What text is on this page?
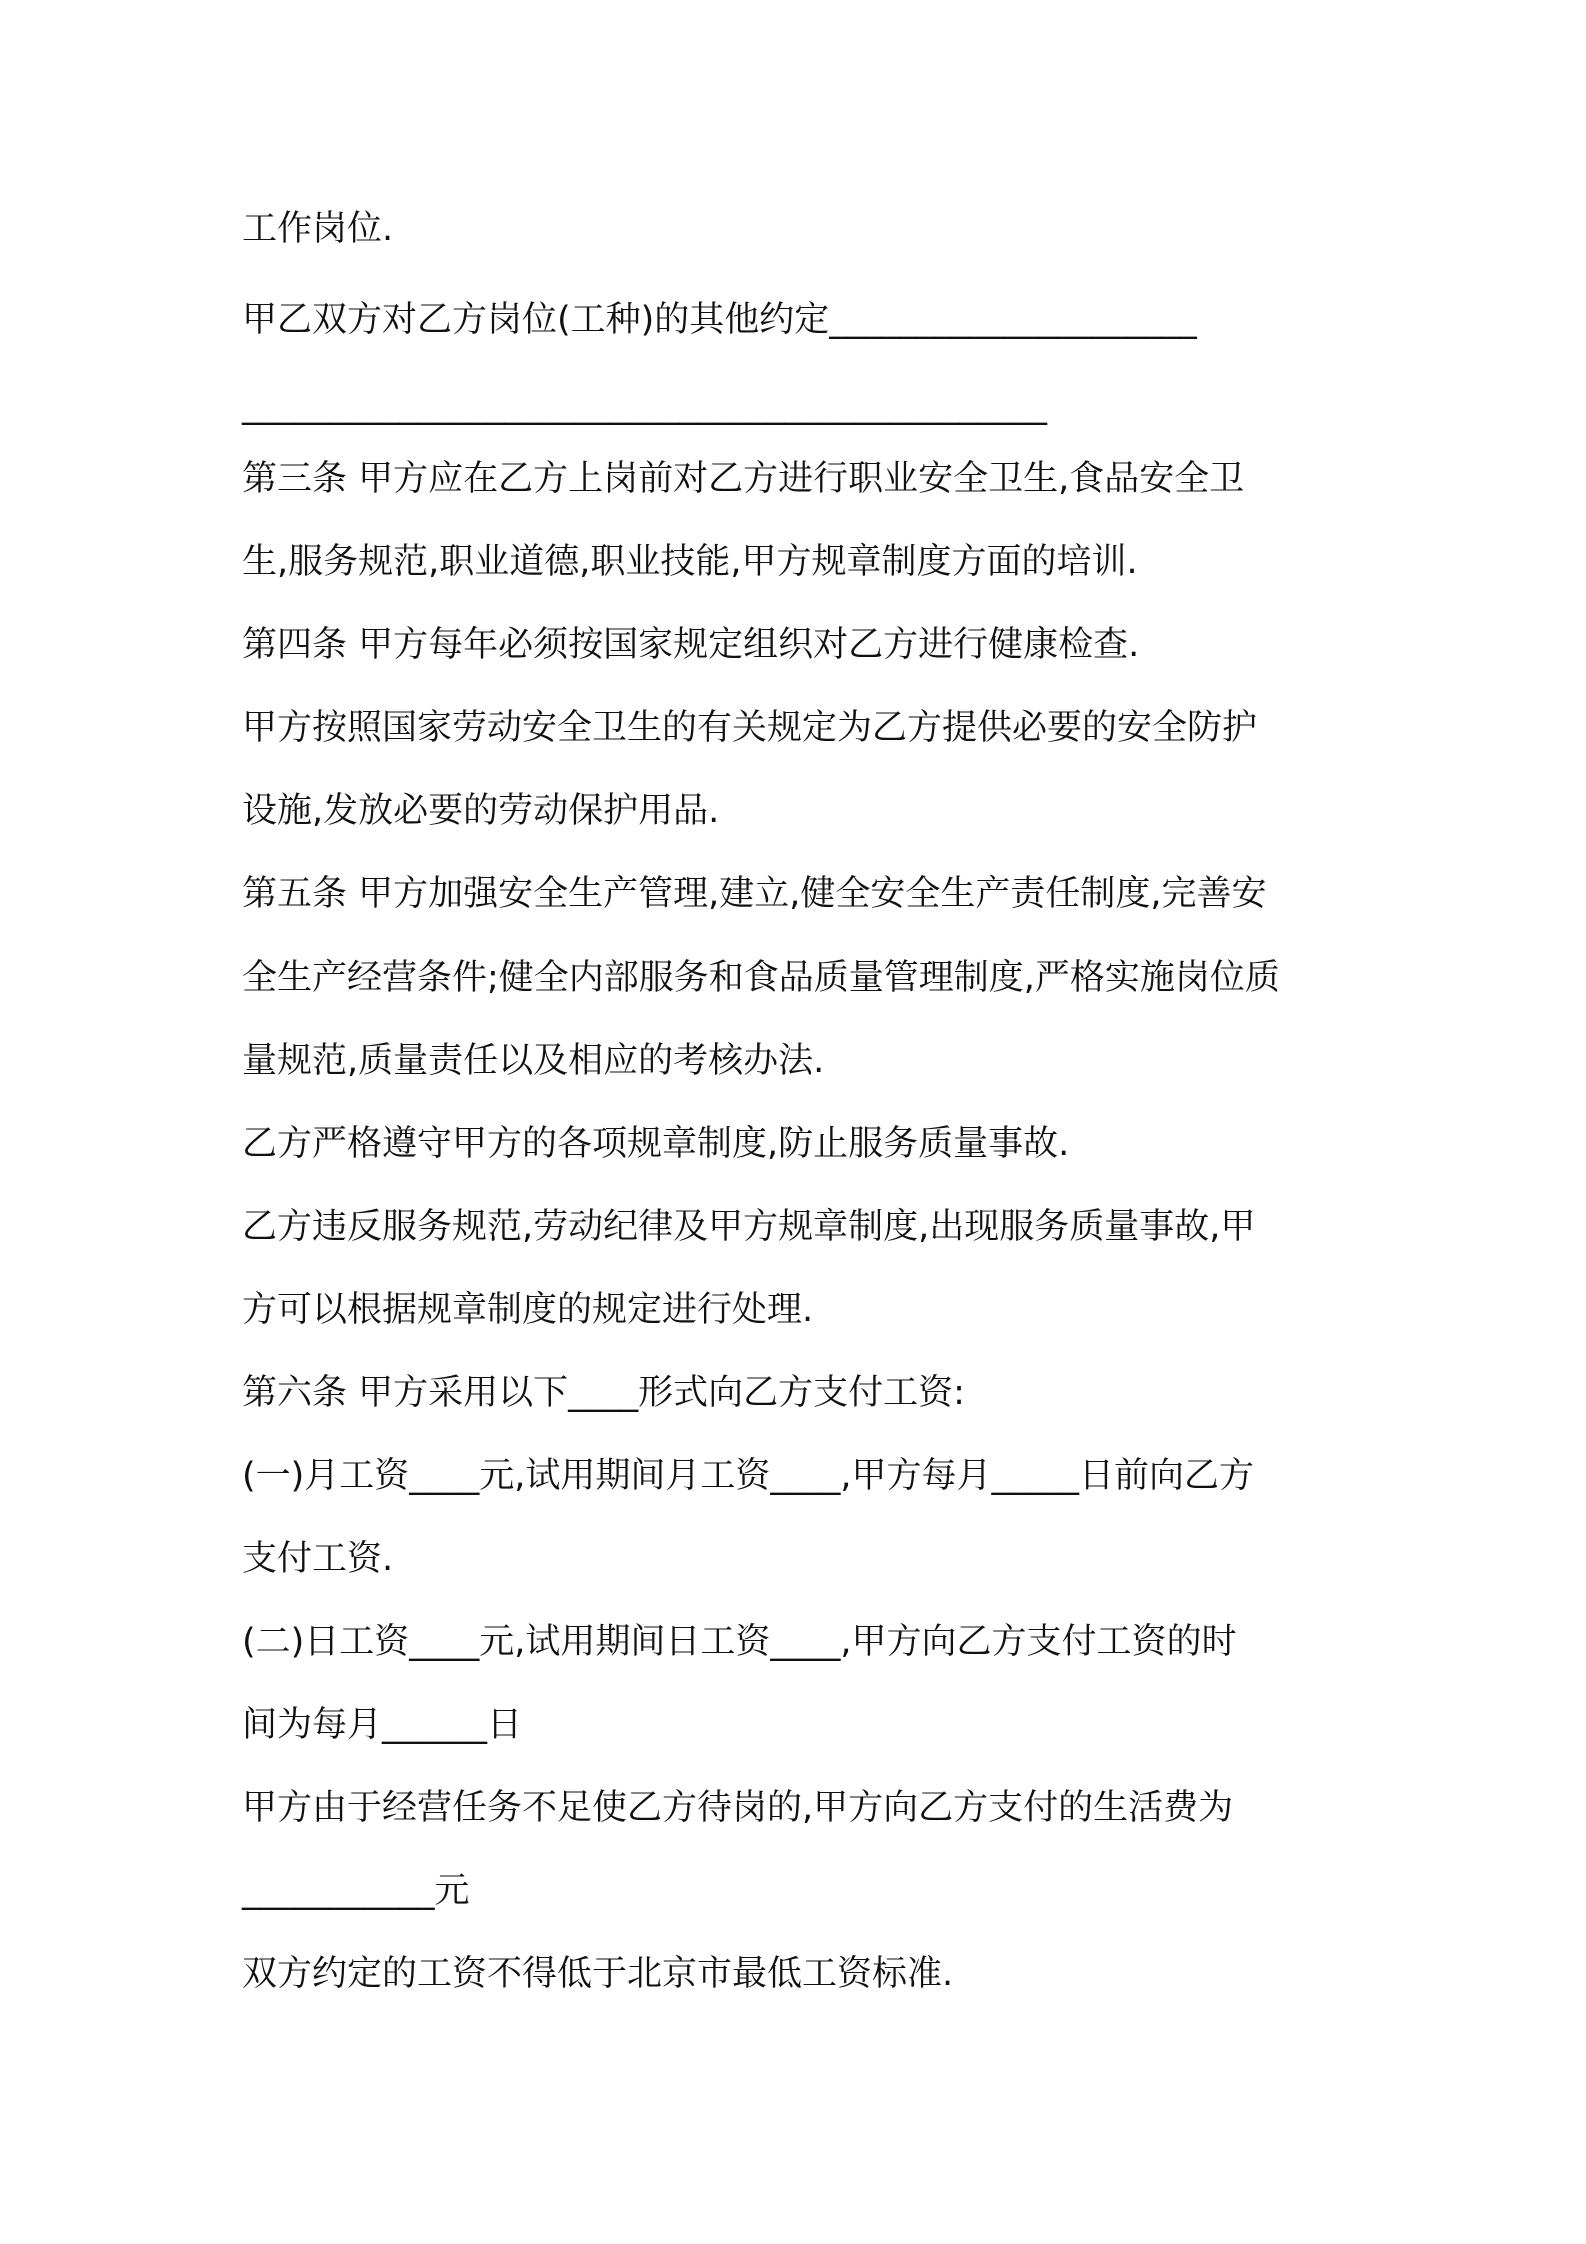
工作岗位.
甲乙双方对乙方岗位(工种)的其他约定_____________________
______________________________________________
第三条 甲方应在乙方上岗前对乙方进行职业安全卫生,食品安全卫
生,服务规范,职业道德,职业技能,甲方规章制度方面的培训.
第四条 甲方每年必须按国家规定组织对乙方进行健康检查.
甲方按照国家劳动安全卫生的有关规定为乙方提供必要的安全防护
设施,发放必要的劳动保护用品.
第五条 甲方加强安全生产管理,建立,健全安全生产责任制度,完善安
全生产经营条件;健全内部服务和食品质量管理制度,严格实施岗位质
量规范,质量责任以及相应的考核办法.
乙方严格遵守甲方的各项规章制度,防止服务质量事故.
乙方违反服务规范,劳动纪律及甲方规章制度,出现服务质量事故,甲
方可以根据规章制度的规定进行处理.
第六条 甲方采用以下____形式向乙方支付工资:
(一)月工资____元,试用期间月工资____,甲方每月_____日前向乙方
支付工资.
(二)日工资____元,试用期间日工资____,甲方向乙方支付工资的时
间为每月______日
甲方由于经营任务不足使乙方待岗的,甲方向乙方支付的生活费为
___________元
双方约定的工资不得低于北京市最低工资标准.
